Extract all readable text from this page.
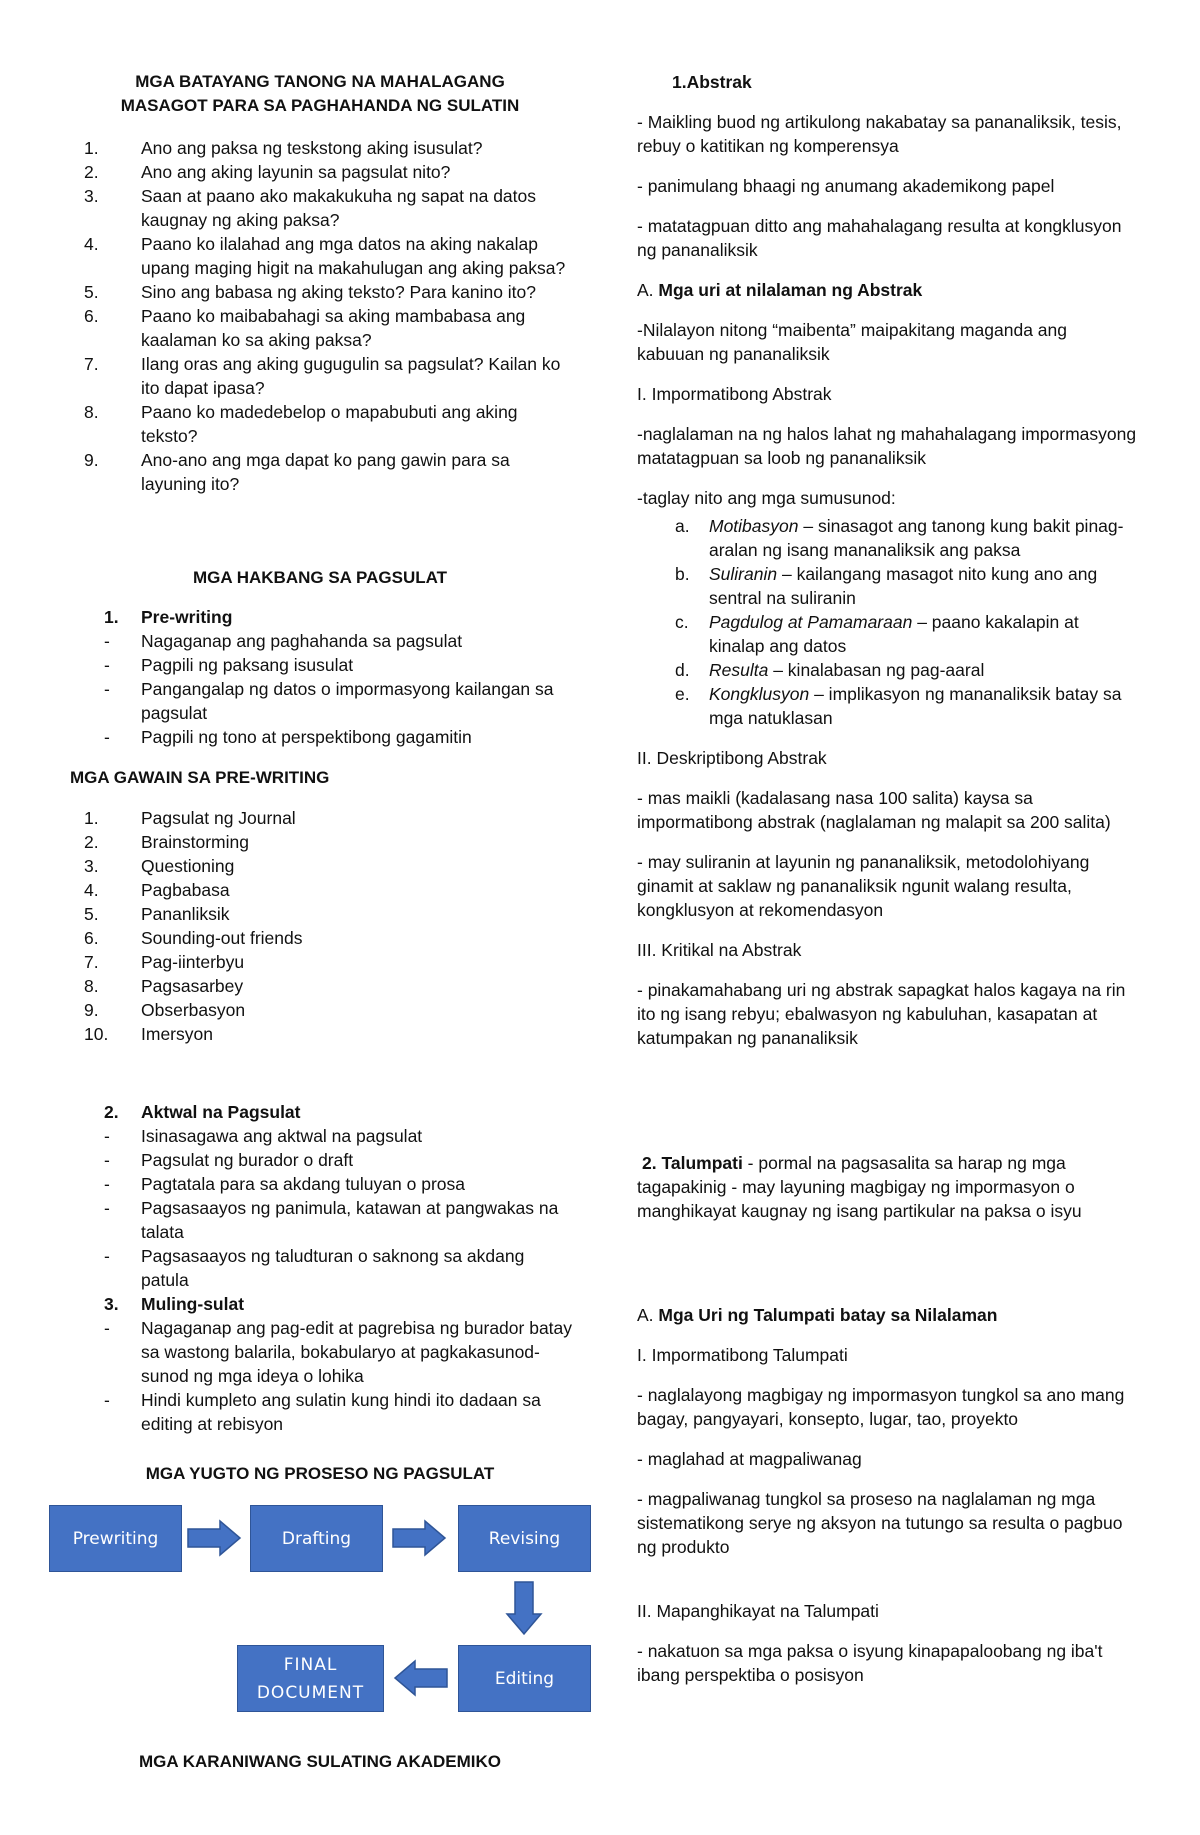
MGA BATAYANG TANONG NA MAHALAGANG
MASAGOT PARA SA PAGHAHANDA NG SULATIN
1.	Ano ang paksa ng teskstong aking isusulat?
2.	Ano ang aking layunin sa pagsulat nito?
3.	Saan at paano ako makakukuha ng sapat na datos kaugnay ng aking paksa?
4.	Paano ko ilalahad ang mga datos na aking nakalap upang maging higit na makahulugan ang aking paksa?
5.	Sino ang babasa ng aking teksto? Para kanino ito?
6.	Paano ko maibabahagi sa aking mambabasa ang kaalaman ko sa aking paksa?
7.	Ilang oras ang aking gugugulin sa pagsulat? Kailan ko ito dapat ipasa?
8.	Paano ko madedebelop o mapabubuti ang aking teksto?
9.	Ano-ano ang mga dapat ko pang gawin para sa layuning ito?
MGA HAKBANG SA PAGSULAT
1. Pre-writing
- Nagaganap ang paghahanda sa pagsulat
- Pagpili ng paksang isusulat
- Pangangalap ng datos o impormasyong kailangan sa pagsulat
- Pagpili ng tono at perspektibong gagamitin
MGA GAWAIN SA PRE-WRITING
1.	Pagsulat ng Journal
2.	Brainstorming
3.	Questioning
4.	Pagbabasa
5.	Pananliksik
6.	Sounding-out friends
7.	Pag-iinterbyu
8.	Pagsasarbey
9.	Obserbasyon
10.	Imersyon
2. Aktwal na Pagsulat
- Isinasagawa ang aktwal na pagsulat
- Pagsulat ng burador o draft
- Pagtatala para sa akdang tuluyan o prosa
- Pagsasaayos ng panimula, katawan at pangwakas na talata
- Pagsasaayos ng taludturan o saknong sa akdang patula
3. Muling-sulat
- Nagaganap ang pag-edit at pagrebisa ng burador batay sa wastong balarila, bokabularyo at pagkakasunod-sunod ng mga ideya o lohika
- Hindi kumpleto ang sulatin kung hindi ito dadaan sa editing at rebisyon
MGA YUGTO NG PROSESO NG PAGSULAT
MGA KARANIWANG SULATING AKADEMIKO
Prewriting	Drafting	Revising
Editing
FINAL
DOCUMENT
1.Abstrak

- Maikling buod ng artikulong nakabatay sa pananaliksik, tesis, rebuy o katitikan ng komperensya

- panimulang bhaagi ng anumang akademikong papel

- matatagpuan ditto ang mahahalagang resulta at kongklusyon ng pananaliksik

A. Mga uri at nilalaman ng Abstrak

-Nilalayon nitong “maibenta” maipakitang maganda ang kabuuan ng pananaliksik

I. Impormatibong Abstrak

-naglalaman na ng halos lahat ng mahahalagang impormasyong matatagpuan sa loob ng pananaliksik

-taglay nito ang mga sumusunod:

a. Motibasyon – sinasagot ang tanong kung bakit pinag-aralan ng isang mananaliksik ang paksa
b. Suliranin – kailangang masagot nito kung ano ang sentral na suliranin
c. Pagdulog at Pamamaraan – paano kakalapin at kinalap ang datos
d. Resulta – kinalabasan ng pag-aaral
e. Kongklusyon – implikasyon ng mananaliksik batay sa mga natuklasan

II. Deskriptibong Abstrak

- mas maikli (kadalasang nasa 100 salita) kaysa sa impormatibong abstrak (naglalaman ng malapit sa 200 salita)

- may suliranin at layunin ng pananaliksik, metodolohiyang ginamit at saklaw ng pananaliksik ngunit walang resulta, kongklusyon at rekomendasyon

III. Kritikal na Abstrak

- pinakamahabang uri ng abstrak sapagkat halos kagaya na rin ito ng isang rebyu; ebalwasyon ng kabuluhan, kasapatan at katumpakan ng pananaliksik

2. Talumpati - pormal na pagsasalita sa harap ng mga tagapakinig - may layuning magbigay ng impormasyon o manghikayat kaugnay ng isang partikular na paksa o isyu

A. Mga Uri ng Talumpati batay sa Nilalaman

I. Impormatibong Talumpati

- naglalayong magbigay ng impormasyon tungkol sa ano mang bagay, pangyayari, konsepto, lugar, tao, proyekto

- maglahad at magpaliwanag

- magpaliwanag tungkol sa proseso na naglalaman ng mga sistematikong serye ng aksyon na tutungo sa resulta o pagbuo ng produkto

II. Mapanghikayat na Talumpati

- nakatuon sa mga paksa o isyung kinapapaloobang ng iba't ibang perspektiba o posisyon
